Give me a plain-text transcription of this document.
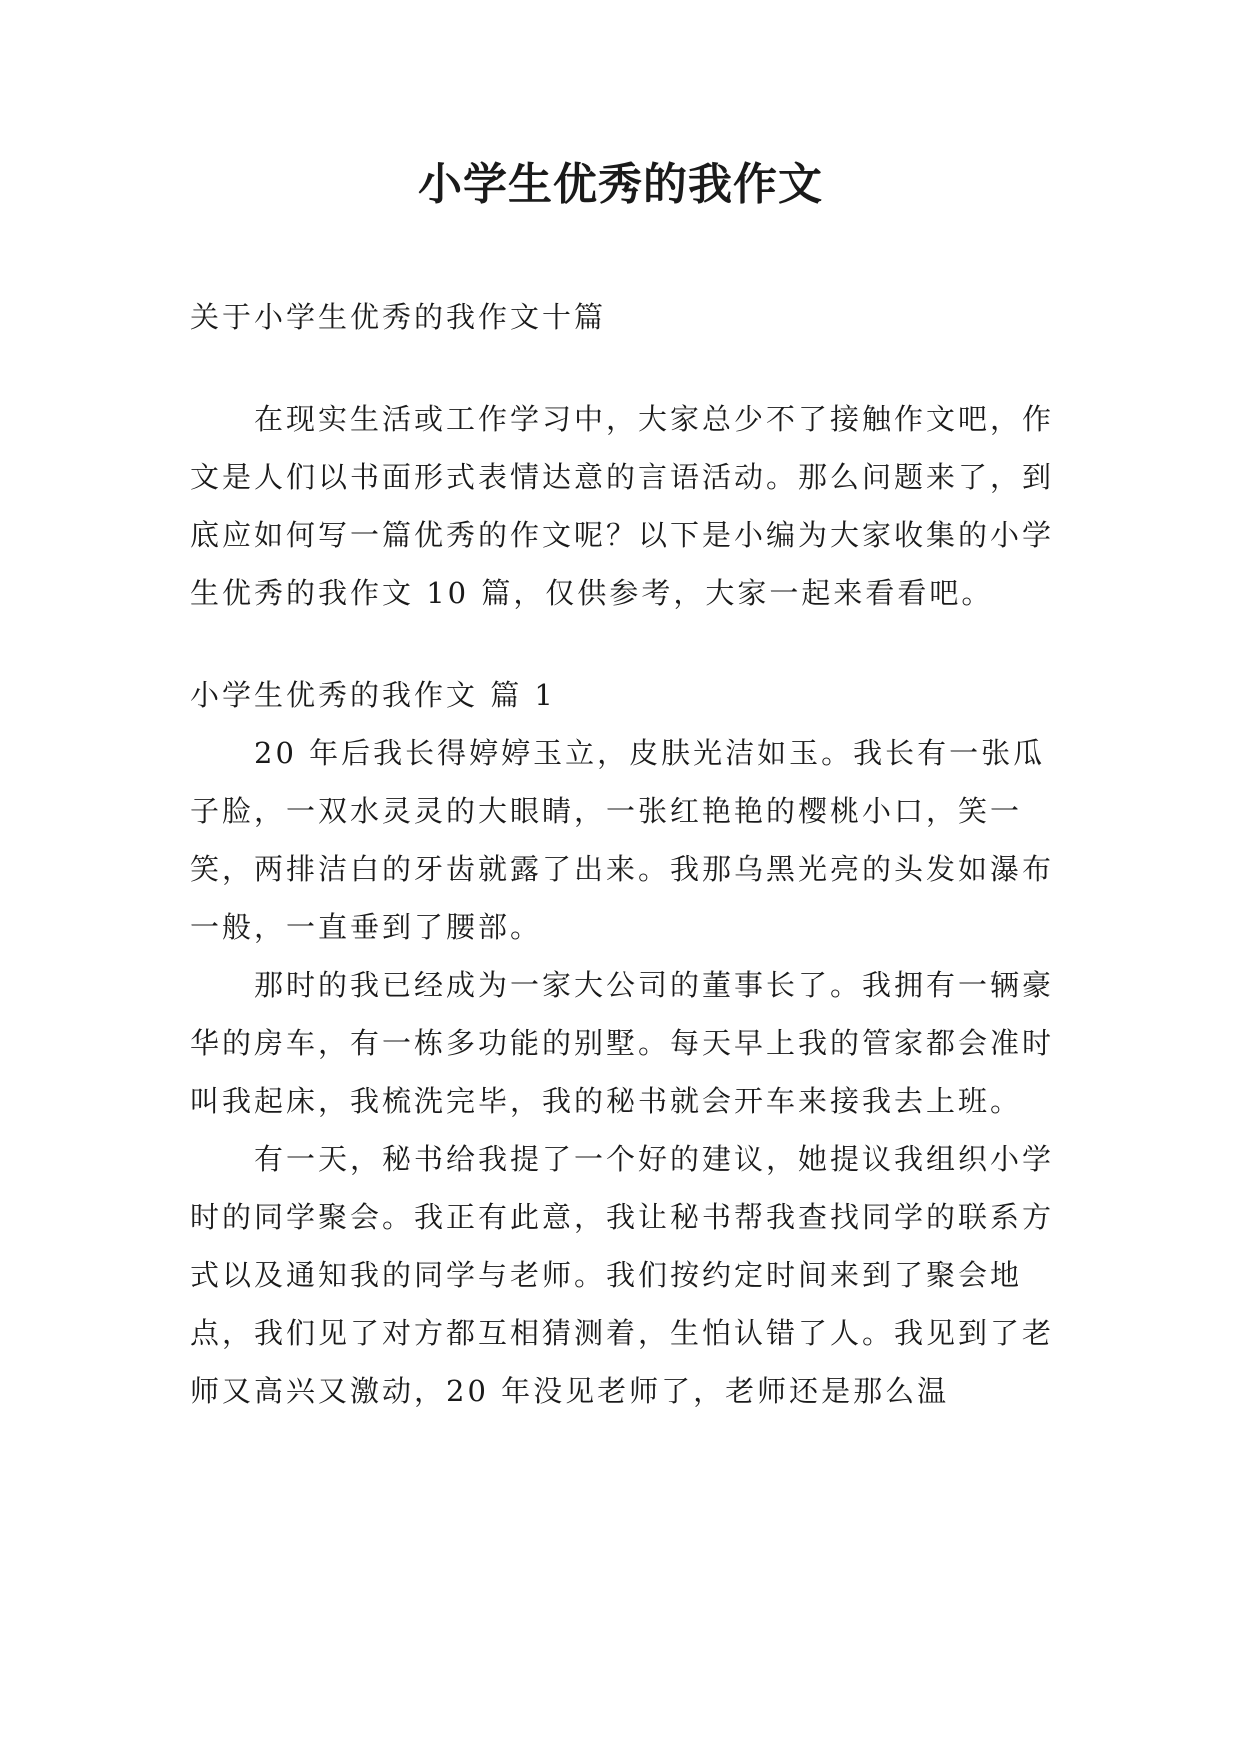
小学生优秀的我作文

关于小学生优秀的我作文十篇

在现实生活或工作学习中，大家总少不了接触作文吧，作文是人们以书面形式表情达意的言语活动。那么问题来了，到底应如何写一篇优秀的作文呢？以下是小编为大家收集的小学生优秀的我作文 10 篇，仅供参考，大家一起来看看吧。

小学生优秀的我作文 篇 1

20 年后我长得婷婷玉立，皮肤光洁如玉。我长有一张瓜子脸，一双水灵灵的大眼睛，一张红艳艳的樱桃小口，笑一笑，两排洁白的牙齿就露了出来。我那乌黑光亮的头发如瀑布一般，一直垂到了腰部。

那时的我已经成为一家大公司的董事长了。我拥有一辆豪华的房车，有一栋多功能的别墅。每天早上我的管家都会准时叫我起床，我梳洗完毕，我的秘书就会开车来接我去上班。

有一天，秘书给我提了一个好的建议，她提议我组织小学时的同学聚会。我正有此意，我让秘书帮我查找同学的联系方式以及通知我的同学与老师。我们按约定时间来到了聚会地点，我们见了对方都互相猜测着，生怕认错了人。我见到了老师又高兴又激动，20 年没见老师了，老师还是那么温
